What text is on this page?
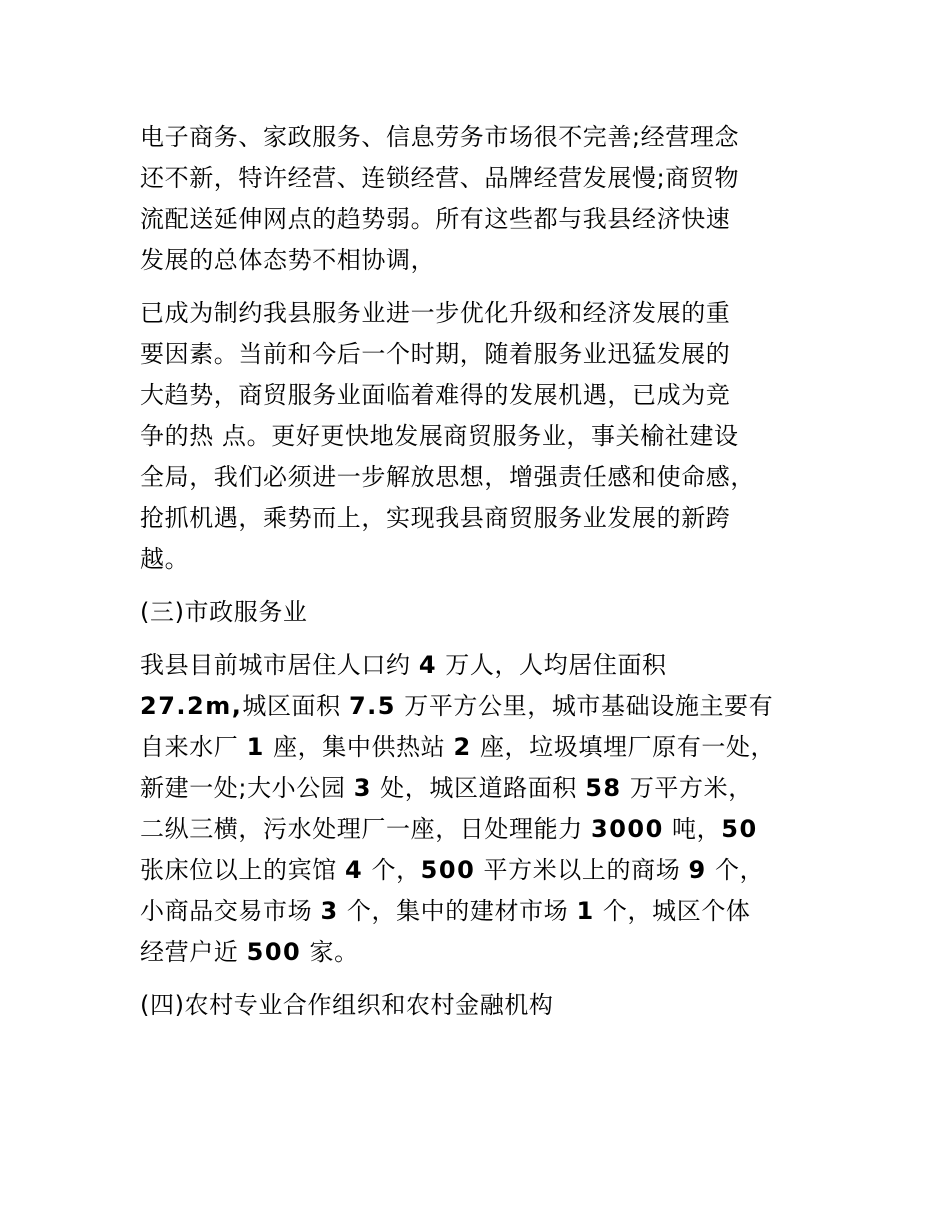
电子商务、家政服务、信息劳务市场很不完善;经营理念
还不新，特许经营、连锁经营、品牌经营发展慢;商贸物
流配送延伸网点的趋势弱。所有这些都与我县经济快速
发展的总体态势不相协调，
已成为制约我县服务业进一步优化升级和经济发展的重
要因素。当前和今后一个时期，随着服务业迅猛发展的
大趋势，商贸服务业面临着难得的发展机遇，已成为竞
争的热 点。更好更快地发展商贸服务业，事关榆社建设
全局，我们必须进一步解放思想，增强责任感和使命感，
抢抓机遇，乘势而上，实现我县商贸服务业发展的新跨
越。
(三)市政服务业
我县目前城市居住人口约 4 万人，人均居住面积
27.2m,城区面积 7.5 万平方公里，城市基础设施主要有
自来水厂 1 座，集中供热站 2 座，垃圾填埋厂原有一处，
新建一处;大小公园 3 处，城区道路面积 58 万平方米，
二纵三横，污水处理厂一座，日处理能力 3000 吨，50
张床位以上的宾馆 4 个，500 平方米以上的商场 9 个，
小商品交易市场 3 个，集中的建材市场 1 个，城区个体
经营户近 500 家。
(四)农村专业合作组织和农村金融机构
